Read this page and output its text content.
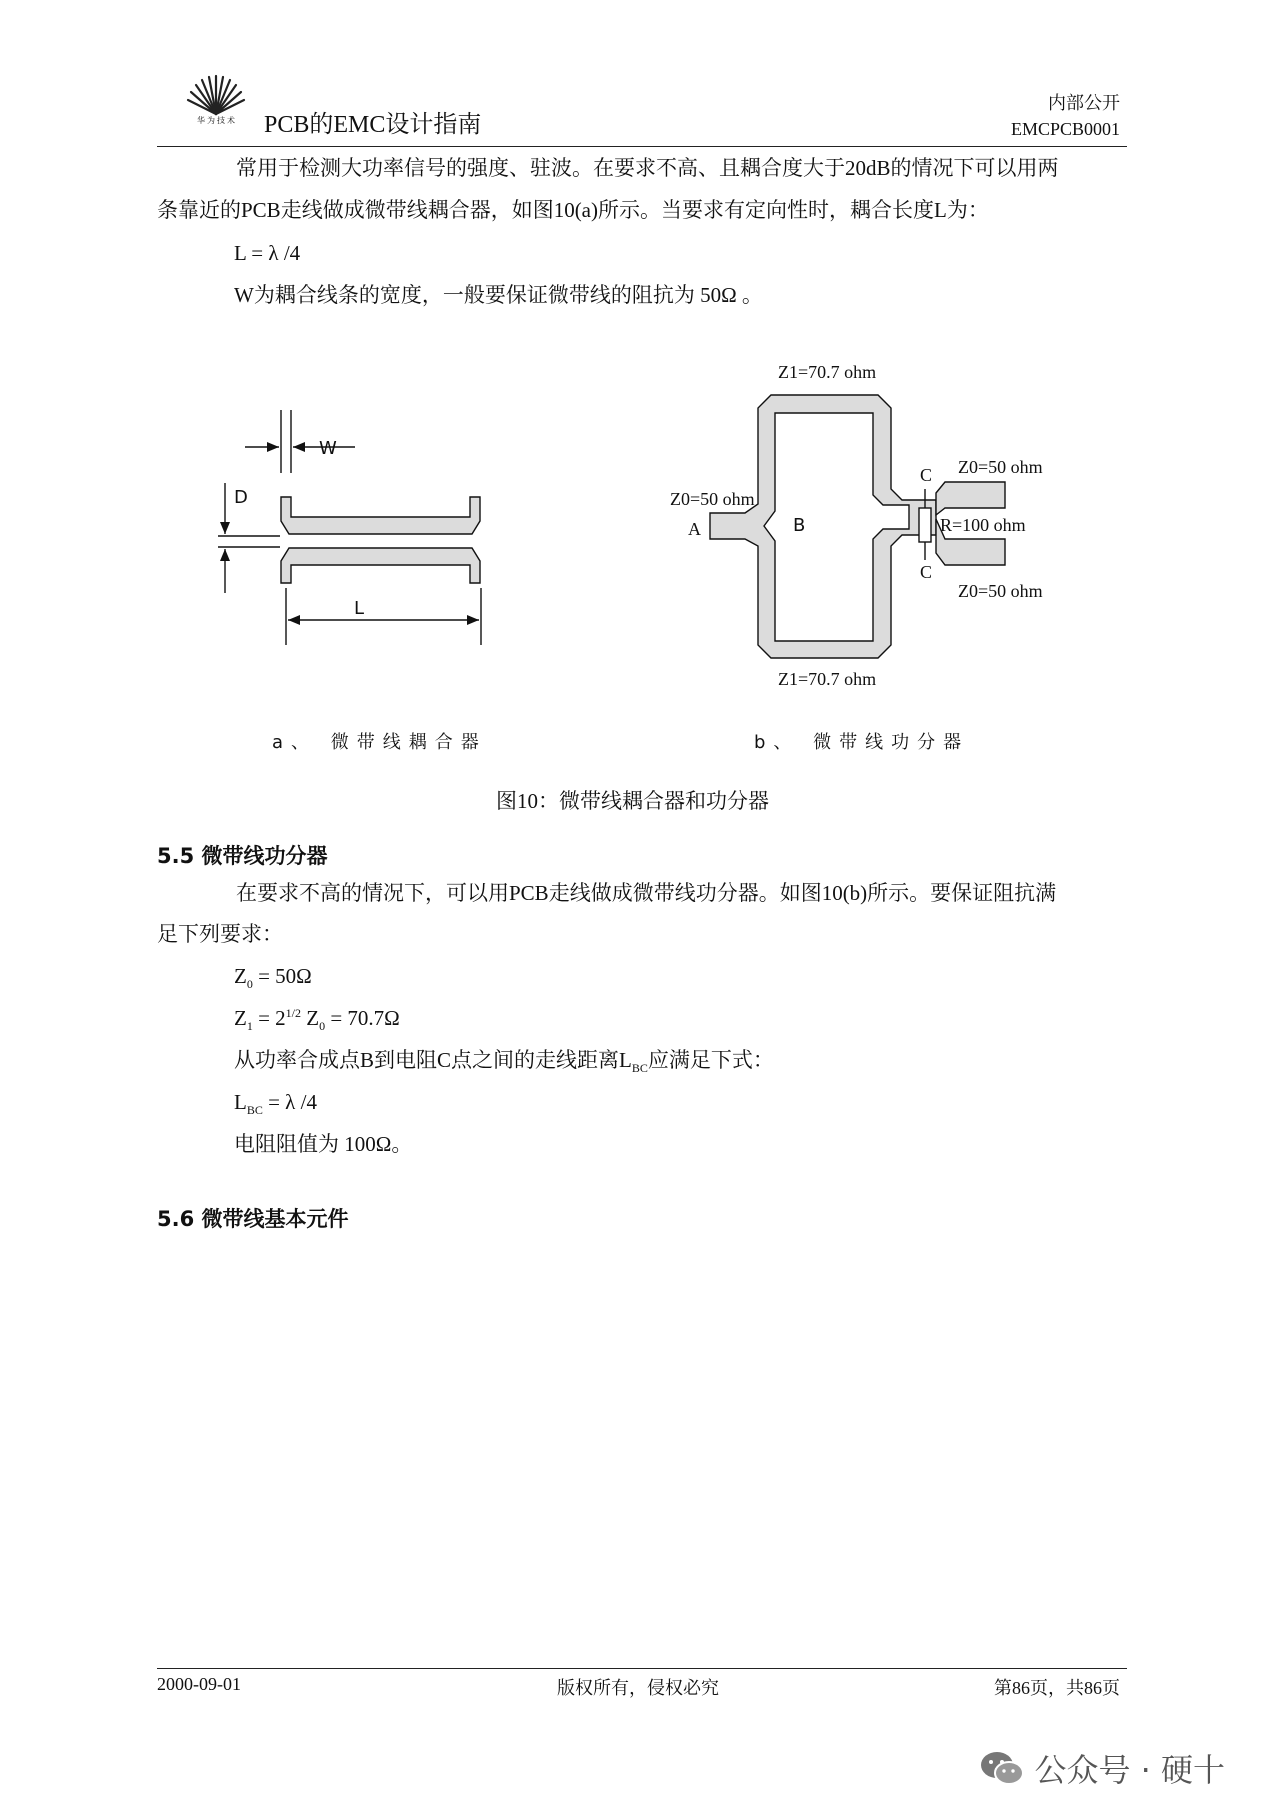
华为技术	PCB的EMC设计指南
内部公开
EMCPCB0001
常用于检测大功率信号的强度、驻波。在要求不高、且耦合度大于20dB的情况下可以用两
条靠近的PCB走线做成微带线耦合器，如图10(a)所示。当要求有定向性时，耦合长度L为：
L = λ /4
W为耦合线条的宽度，一般要保证微带线的阻抗为 50Ω 。
W
D
L
Z1=70.7 ohm
Z1=70.7 ohm
Z0=50 ohm
Z0=50 ohm
Z0=50 ohm
A
C
C
R=100 ohm
B
a、 微带线耦合器	b、 微带线功分器
图10：微带线耦合器和功分器
5.5 微带线功分器
在要求不高的情况下，可以用PCB走线做成微带线功分器。如图10(b)所示。要保证阻抗满
足下列要求：
$Z_0 = 50\Omega$
$Z_1 = 2^{1/2}$ $Z_0 = 70.7\Omega$
从功率合成点B到电阻C点之间的走线距离$L_{BC}$应满足下式：
$L_{BC} = \lambda$ /4
电阻阻值为 100Ω。
5.6 微带线基本元件
2000-09-01	版权所有，侵权必究	第86页，共86页
公众号 · 硬十
